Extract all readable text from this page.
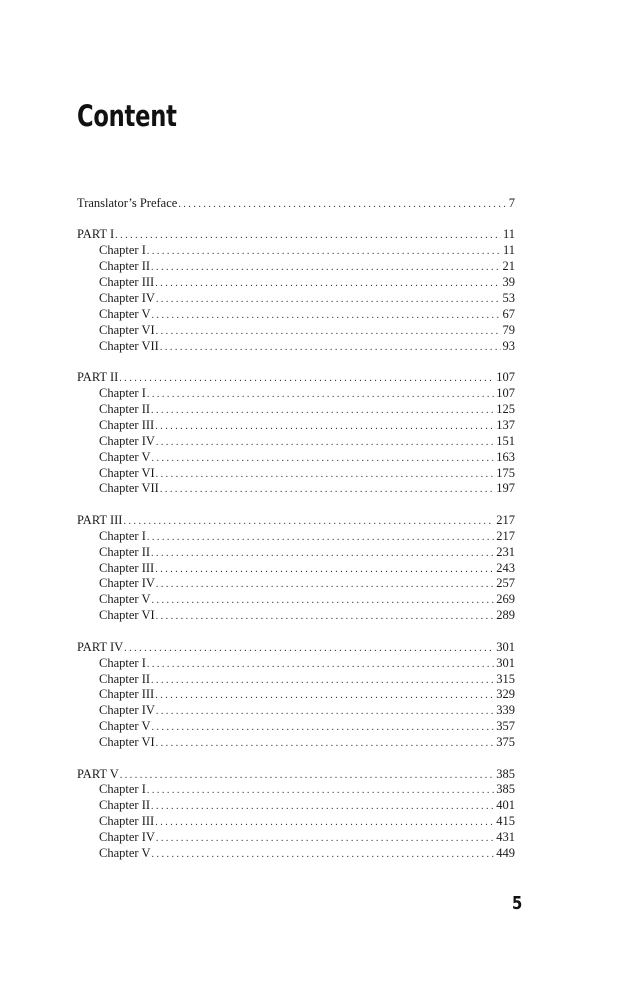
Content
Translator’s Preface . . .	7
PART I . . .	11
Chapter I . . .	11
Chapter II . . .	21
Chapter III . . .	39
Chapter IV . . .	53
Chapter V . . .	67
Chapter VI . . .	79
Chapter VII . . .	93
PART II . . .	107
Chapter I . . .	107
Chapter II . . .	125
Chapter III . . .	137
Chapter IV . . .	151
Chapter V . . .	163
Chapter VI . . .	175
Chapter VII . . .	197
PART III . . .	217
Chapter I . . .	217
Chapter II . . .	231
Chapter III . . .	243
Chapter IV . . .	257
Chapter V . . .	269
Chapter VI . . .	289
PART IV . . .	301
Chapter I . . .	301
Chapter II . . .	315
Chapter III . . .	329
Chapter IV . . .	339
Chapter V . . .	357
Chapter VI . . .	375
PART V . . .	385
Chapter I . . .	385
Chapter II . . .	401
Chapter III . . .	415
Chapter IV . . .	431
Chapter V . . .	449
5
